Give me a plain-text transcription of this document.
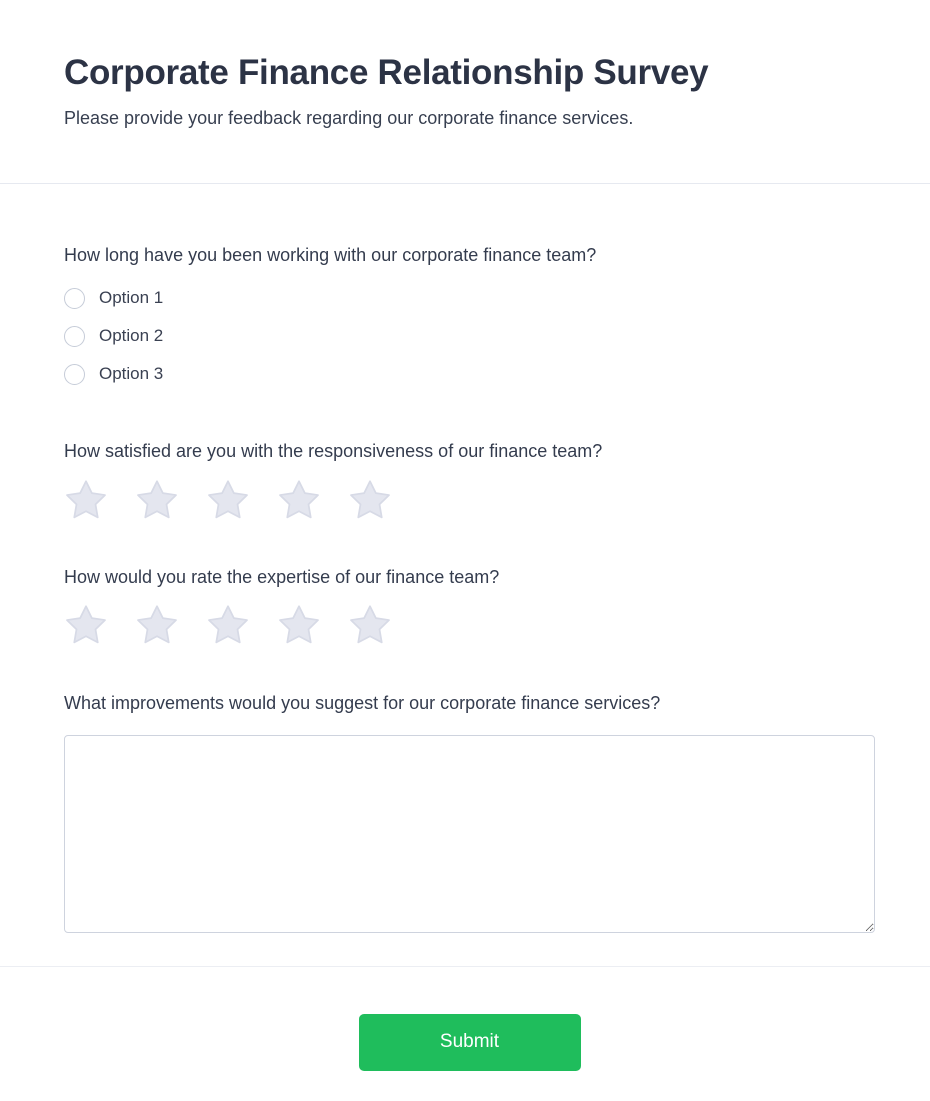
Corporate Finance Relationship Survey

Please provide your feedback regarding our corporate finance services.

How long have you been working with our corporate finance team?
Option 1
Option 2
Option 3
How satisfied are you with the responsiveness of our finance team?
How would you rate the expertise of our finance team?
What improvements would you suggest for our corporate finance services?
Submit
